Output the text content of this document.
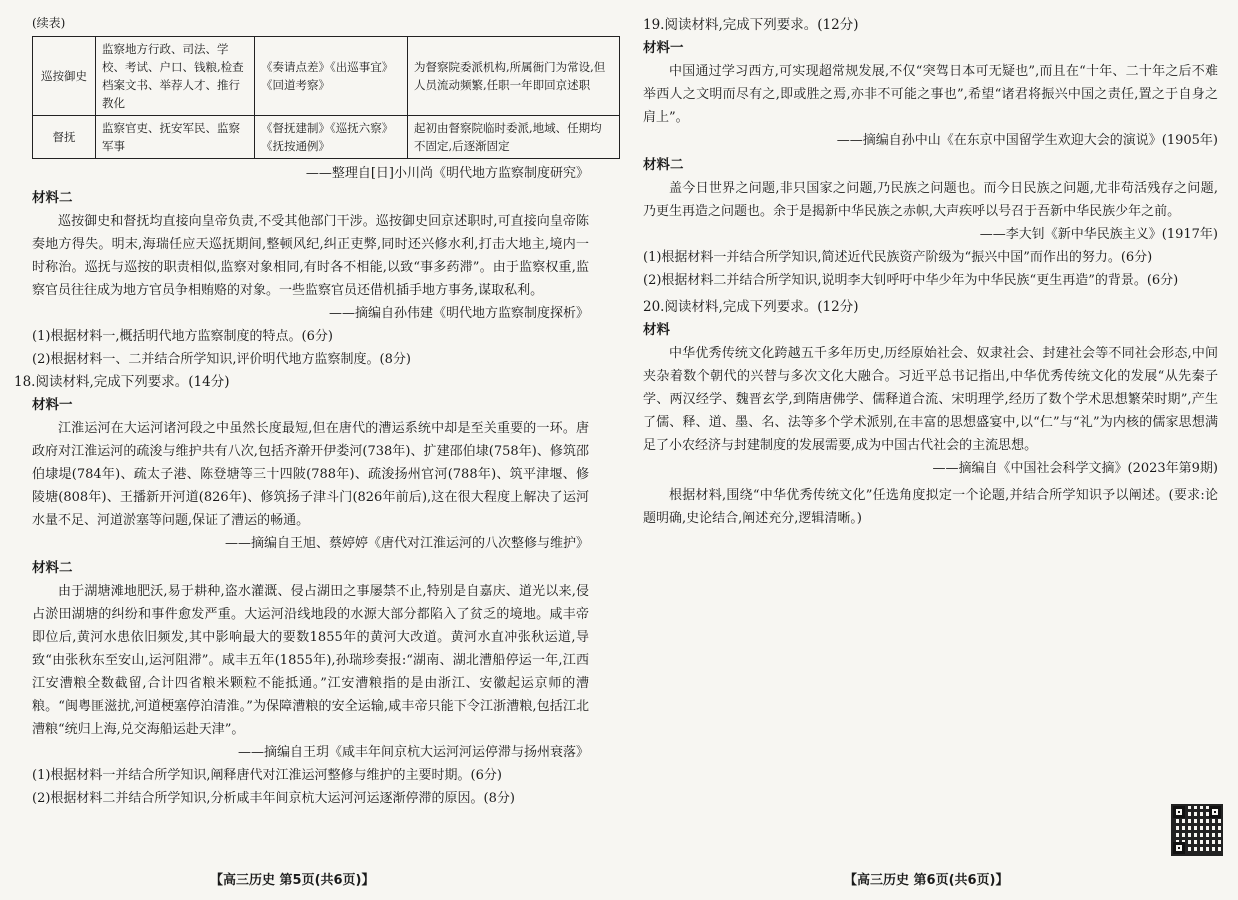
(续表)

巡按御史	监察地方行政、司法、学校、考试、户口、钱粮,检查档案文书、举荐人才、推行教化	《奏请点差》《出巡事宜》《回道考察》	为督察院委派机构,所属衙门为常设,但人员流动频繁,任职一年即回京述职
督抚	监察官吏、抚安军民、监察军事	《督抚建制》《巡抚六察》《抚按通例》	起初由督察院临时委派,地域、任期均不固定,后逐渐固定

——整理自[日]小川尚《明代地方监察制度研究》

材料二

巡按御史和督抚均直接向皇帝负责,不受其他部门干涉。巡按御史回京述职时,可直接向皇帝陈奏地方得失。明末,海瑞任应天巡抚期间,整顿风纪,纠正吏弊,同时还兴修水利,打击大地主,境内一时称治。巡抚与巡按的职责相似,监察对象相同,有时各不相能,以致“事多药滞”。由于监察权重,监察官员往往成为地方官员争相贿赂的对象。一些监察官员还借机插手地方事务,谋取私利。

——摘编自孙伟建《明代地方监察制度探析》

(1)根据材料一,概括明代地方监察制度的特点。(6分)

(2)根据材料一、二并结合所学知识,评价明代地方监察制度。(8分)

18.阅读材料,完成下列要求。(14分)

材料一

江淮运河在大运河诸河段之中虽然长度最短,但在唐代的漕运系统中却是至关重要的一环。唐政府对江淮运河的疏浚与维护共有八次,包括齐澣开伊娄河(738年)、扩建邵伯埭(758年)、修筑邵伯埭堤(784年)、疏太子港、陈登塘等三十四陂(788年)、疏浚扬州官河(788年)、筑平津堰、修陵塘(808年)、王播新开河道(826年)、修筑扬子津斗门(826年前后),这在很大程度上解决了运河水量不足、河道淤塞等问题,保证了漕运的畅通。

——摘编自王旭、蔡婷婷《唐代对江淮运河的八次整修与维护》

材料二

由于湖塘滩地肥沃,易于耕种,盗水灌溉、侵占湖田之事屡禁不止,特别是自嘉庆、道光以来,侵占淤田湖塘的纠纷和事件愈发严重。大运河沿线地段的水源大部分都陷入了贫乏的境地。咸丰帝即位后,黄河水患依旧频发,其中影响最大的要数1855年的黄河大改道。黄河水直冲张秋运道,导致“由张秋东至安山,运河阻滞”。咸丰五年(1855年),孙瑞珍奏报:“湖南、湖北漕船停运一年,江西江安漕粮全数截留,合计四省粮米颗粒不能抵通。”江安漕粮指的是由浙江、安徽起运京师的漕粮。“闽粤匪滋扰,河道梗塞停泊清淮。”为保障漕粮的安全运输,咸丰帝只能下令江浙漕粮,包括江北漕粮“统归上海,兑交海船运赴天津”。

——摘编自王玥《咸丰年间京杭大运河河运停滞与扬州衰落》

(1)根据材料一并结合所学知识,阐释唐代对江淮运河整修与维护的主要时期。(6分)

(2)根据材料二并结合所学知识,分析咸丰年间京杭大运河河运逐渐停滞的原因。(8分)

【高三历史 第5页(共6页)】

19.阅读材料,完成下列要求。(12分)

材料一

中国通过学习西方,可实现超常规发展,不仅“突驾日本可无疑也”,而且在“十年、二十年之后不难举西人之文明而尽有之,即或胜之焉,亦非不可能之事也”,希望“诸君将振兴中国之责任,置之于自身之肩上”。

——摘编自孙中山《在东京中国留学生欢迎大会的演说》(1905年)

材料二

盖今日世界之问题,非只国家之问题,乃民族之问题也。而今日民族之问题,尤非苟活残存之问题,乃更生再造之问题也。余于是揭新中华民族之赤帜,大声疾呼以号召于吾新中华民族少年之前。

——李大钊《新中华民族主义》(1917年)

(1)根据材料一并结合所学知识,简述近代民族资产阶级为“振兴中国”而作出的努力。(6分)

(2)根据材料二并结合所学知识,说明李大钊呼吁中华少年为中华民族“更生再造”的背景。(6分)

20.阅读材料,完成下列要求。(12分)

材料

中华优秀传统文化跨越五千多年历史,历经原始社会、奴隶社会、封建社会等不同社会形态,中间夹杂着数个朝代的兴替与多次文化大融合。习近平总书记指出,中华优秀传统文化的发展“从先秦子学、两汉经学、魏晋玄学,到隋唐佛学、儒释道合流、宋明理学,经历了数个学术思想繁荣时期”,产生了儒、释、道、墨、名、法等多个学术派别,在丰富的思想盛宴中,以“仁”与“礼”为内核的儒家思想满足了小农经济与封建制度的发展需要,成为中国古代社会的主流思想。

——摘编自《中国社会科学文摘》(2023年第9期)

根据材料,围绕“中华优秀传统文化”任选角度拟定一个论题,并结合所学知识予以阐述。(要求:论题明确,史论结合,阐述充分,逻辑清晰。)

【高三历史 第6页(共6页)】
